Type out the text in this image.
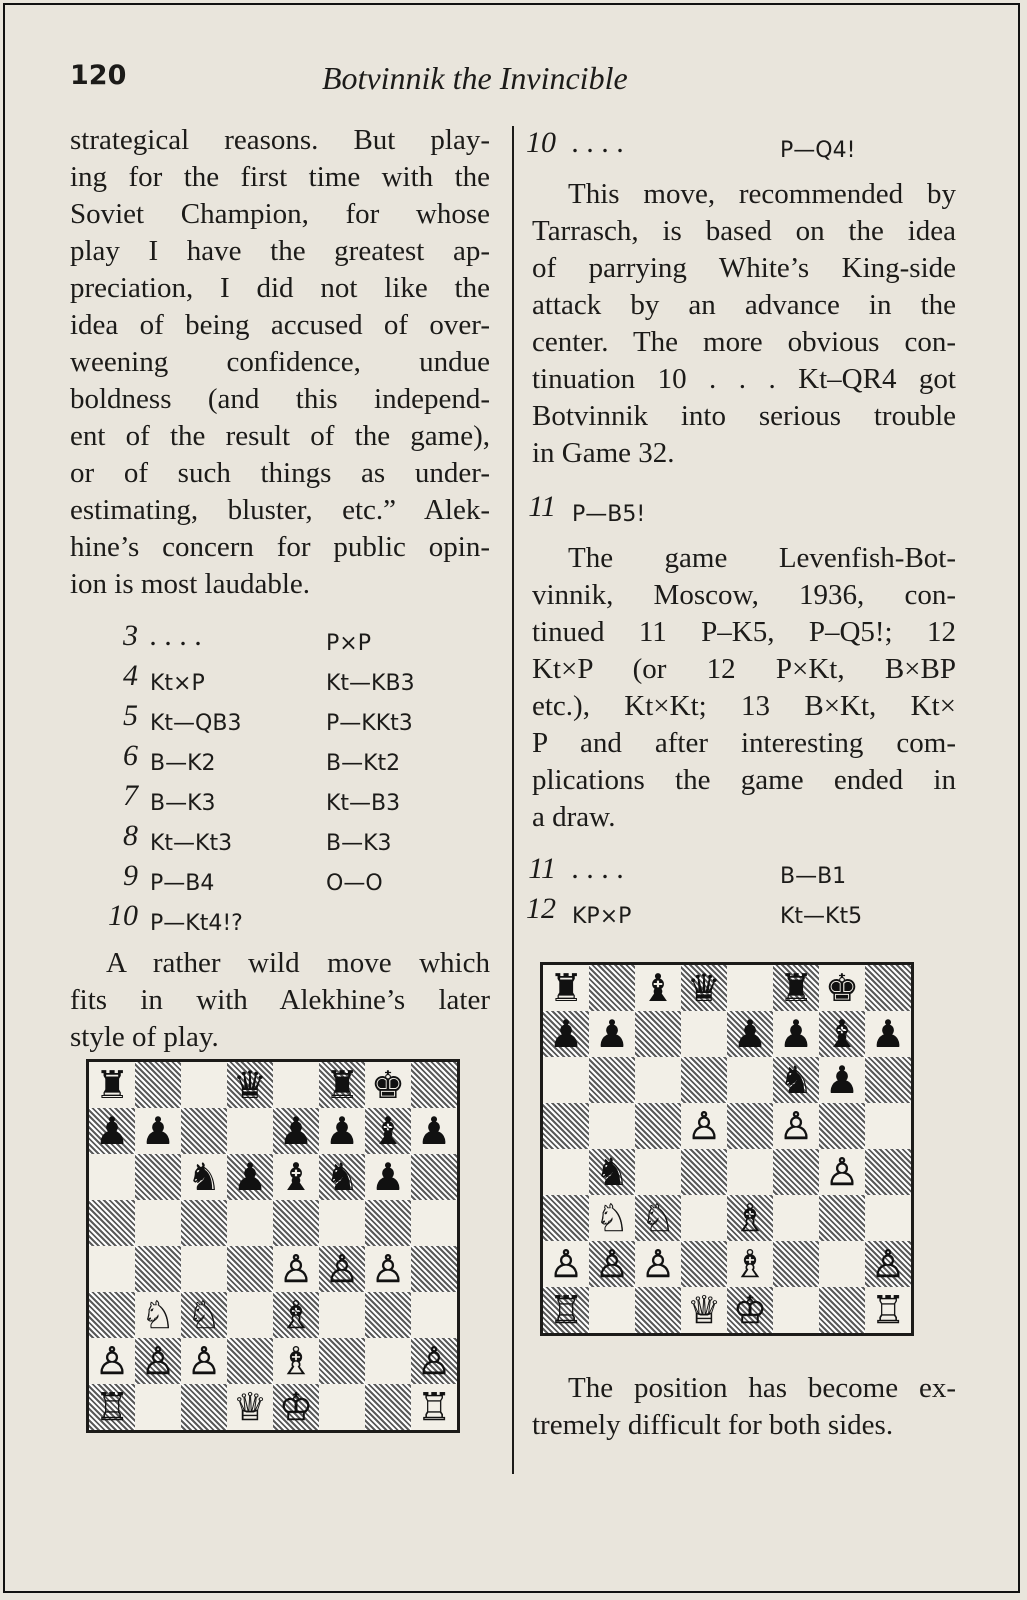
120	Botvinnik the Invincible
strategical reasons. But play-
ing for the first time with the
Soviet Champion, for whose
play I have the greatest ap-
preciation, I did not like the
idea of being accused of over-
weening confidence, undue
boldness (and this independ-
ent of the result of the game),
or of such things as under-
estimating, bluster, etc.” Alek-
hine’s concern for public opin-
ion is most laudable.
3 . . . .	P×P
4 Kt×P	Kt—KB3
5 Kt—QB3	P—KKt3
6 B—K2	B—Kt2
7 B—K3	Kt—B3
8 Kt—Kt3	B—K3
9 P—B4	O—O
10 P—Kt4!?
A rather wild move which
fits in with Alekhine’s later
style of play.
♜	♛ ♜ ♚
♟ ♟	♟ ♟ ♝ ♟
♞ ♟ ♝ ♞ ♟
♙ ♙ ♙
♘ ♘ ♗
♙ ♙ ♙ ♗	♙
♖	♕ ♔	♖
10 . . . .	P—Q4!
This move, recommended by
Tarrasch, is based on the idea
of parrying White’s King-side
attack by an advance in the
center. The more obvious con-
tinuation 10 . . . Kt–QR4 got
Botvinnik into serious trouble
in Game 32.
11 P—B5!
The game Levenfish-Bot-
vinnik, Moscow, 1936, con-
tinued 11 P–K5, P–Q5!; 12
Kt×P (or 12 P×Kt, B×BP
etc.), Kt×Kt; 13 B×Kt, Kt×
P and after interesting com-
plications the game ended in
a draw.
11 . . . .	B—B1
12 KP×P	Kt—Kt5
♜ ♝ ♛ ♜ ♚
♟ ♟	♟ ♟ ♝ ♟
♞ ♟
♙ ♙
♞	♙
♘ ♘ ♗
♙ ♙ ♙ ♗	♙
♖	♕ ♔	♖
The position has become ex-
tremely difficult for both sides.
